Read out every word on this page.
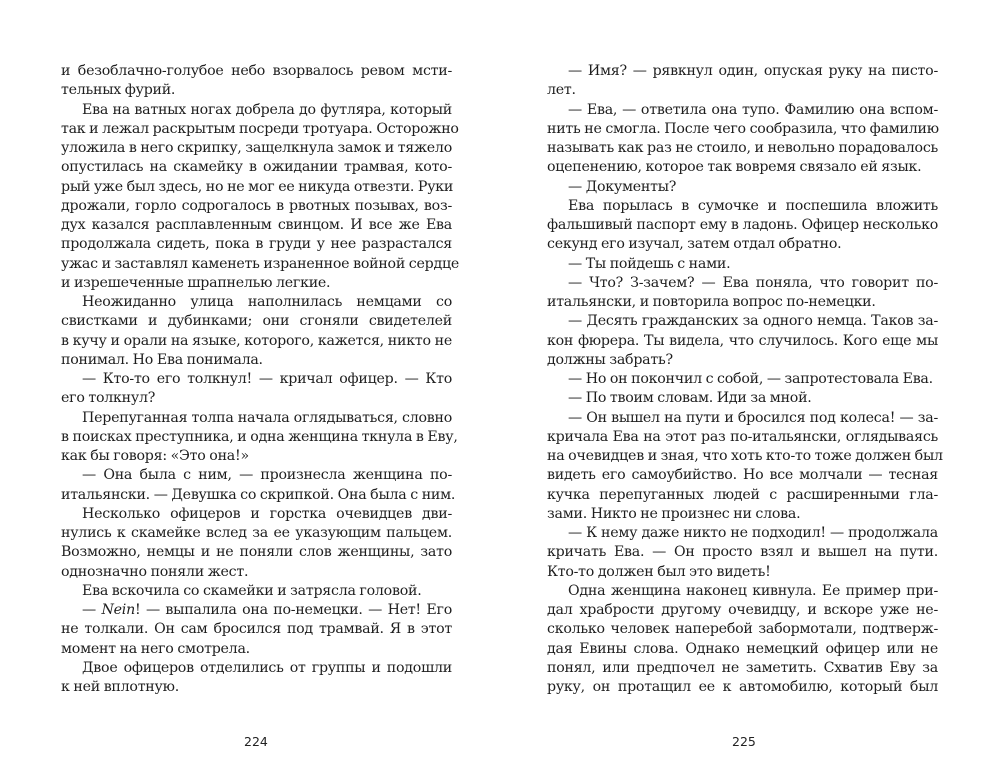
и безоблачно-голубое небо взорвалось ревом мсти-
тельных фурий.
Ева на ватных ногах добрела до футляра, который
так и лежал раскрытым посреди тротуара. Осторожно
уложила в него скрипку, защелкнула замок и тяжело
опустилась на скамейку в ожидании трамвая, кото-
рый уже был здесь, но не мог ее никуда отвезти. Руки
дрожали, горло содрогалось в рвотных позывах, воз-
дух казался расплавленным свинцом. И все же Ева
продолжала сидеть, пока в груди у нее разрастался
ужас и заставлял каменеть израненное войной сердце
и изрешеченные шрапнелью легкие.
Неожиданно улица наполнилась немцами со
свистками и дубинками; они сгоняли свидетелей
в кучу и орали на языке, которого, кажется, никто не
понимал. Но Ева понимала.
— Кто-то его толкнул! — кричал офицер. — Кто
его толкнул?
Перепуганная толпа начала оглядываться, словно
в поисках преступника, и одна женщина ткнула в Еву,
как бы говоря: «Это она!»
— Она была с ним, — произнесла женщина по-
итальянски. — Девушка со скрипкой. Она была с ним.
Несколько офицеров и горстка очевидцев дви-
нулись к скамейке вслед за ее указующим пальцем.
Возможно, немцы и не поняли слов женщины, зато
однозначно поняли жест.
Ева вскочила со скамейки и затрясла головой.
— Nein! — выпалила она по-немецки. — Нет! Его
не толкали. Он сам бросился под трамвай. Я в этот
момент на него смотрела.
Двое офицеров отделились от группы и подошли
к ней вплотную.
— Имя? — рявкнул один, опуская руку на писто-
лет.
— Ева, — ответила она тупо. Фамилию она вспом-
нить не смогла. После чего сообразила, что фамилию
называть как раз не стоило, и невольно порадовалось
оцепенению, которое так вовремя связало ей язык.
— Документы?
Ева порылась в сумочке и поспешила вложить
фальшивый паспорт ему в ладонь. Офицер несколько
секунд его изучал, затем отдал обратно.
— Ты пойдешь с нами.
— Что? З-зачем? — Ева поняла, что говорит по-
итальянски, и повторила вопрос по-немецки.
— Десять гражданских за одного немца. Таков за-
кон фюрера. Ты видела, что случилось. Кого еще мы
должны забрать?
— Но он покончил с собой, — запротестовала Ева.
— По твоим словам. Иди за мной.
— Он вышел на пути и бросился под колеса! — за-
кричала Ева на этот раз по-итальянски, оглядываясь
на очевидцев и зная, что хоть кто-то тоже должен был
видеть его самоубийство. Но все молчали — тесная
кучка перепуганных людей с расширенными гла-
зами. Никто не произнес ни слова.
— К нему даже никто не подходил! — продолжала
кричать Ева. — Он просто взял и вышел на пути.
Кто-то должен был это видеть!
Одна женщина наконец кивнула. Ее пример при-
дал храбрости другому очевидцу, и вскоре уже не-
сколько человек наперебой забормотали, подтверж-
дая Евины слова. Однако немецкий офицер или не
понял, или предпочел не заметить. Схватив Еву за
руку, он протащил ее к автомобилю, который был
224	225
